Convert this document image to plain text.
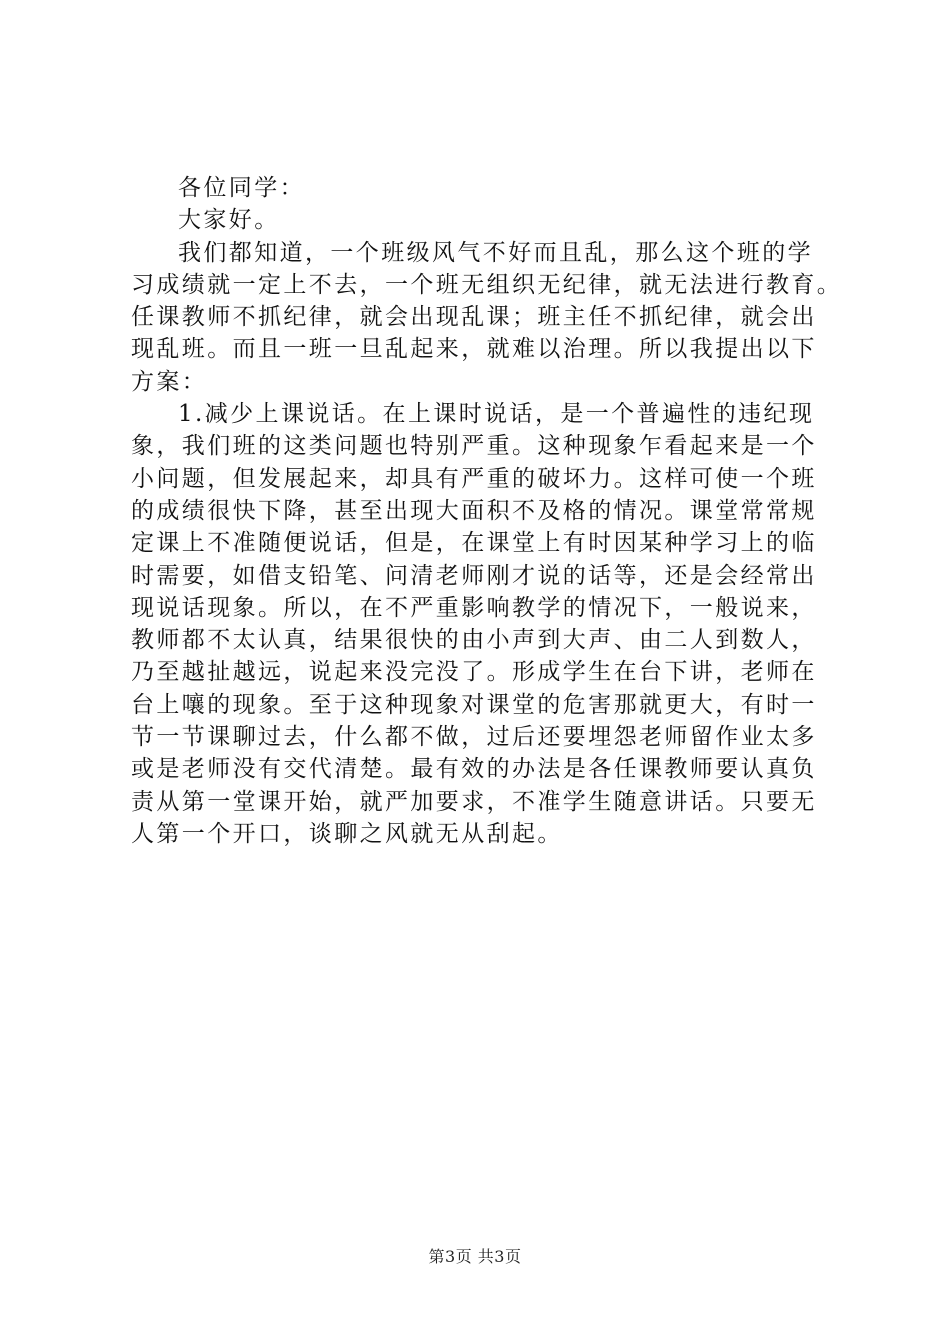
各位同学：
大家好。
我们都知道，一个班级风气不好而且乱，那么这个班的学
习成绩就一定上不去，一个班无组织无纪律，就无法进行教育。
任课教师不抓纪律，就会出现乱课；班主任不抓纪律，就会出
现乱班。而且一班一旦乱起来，就难以治理。所以我提出以下
方案：
1.减少上课说话。在上课时说话，是一个普遍性的违纪现
象，我们班的这类问题也特别严重。这种现象乍看起来是一个
小问题，但发展起来，却具有严重的破坏力。这样可使一个班
的成绩很快下降，甚至出现大面积不及格的情况。课堂常常规
定课上不准随便说话，但是，在课堂上有时因某种学习上的临
时需要，如借支铅笔、问清老师刚才说的话等，还是会经常出
现说话现象。所以，在不严重影响教学的情况下，一般说来，
教师都不太认真，结果很快的由小声到大声、由二人到数人，
乃至越扯越远，说起来没完没了。形成学生在台下讲，老师在
台上嚷的现象。至于这种现象对课堂的危害那就更大，有时一
节一节课聊过去，什么都不做，过后还要埋怨老师留作业太多
或是老师没有交代清楚。最有效的办法是各任课教师要认真负
责从第一堂课开始，就严加要求，不准学生随意讲话。只要无
人第一个开口，谈聊之风就无从刮起。
第3页 共3页
